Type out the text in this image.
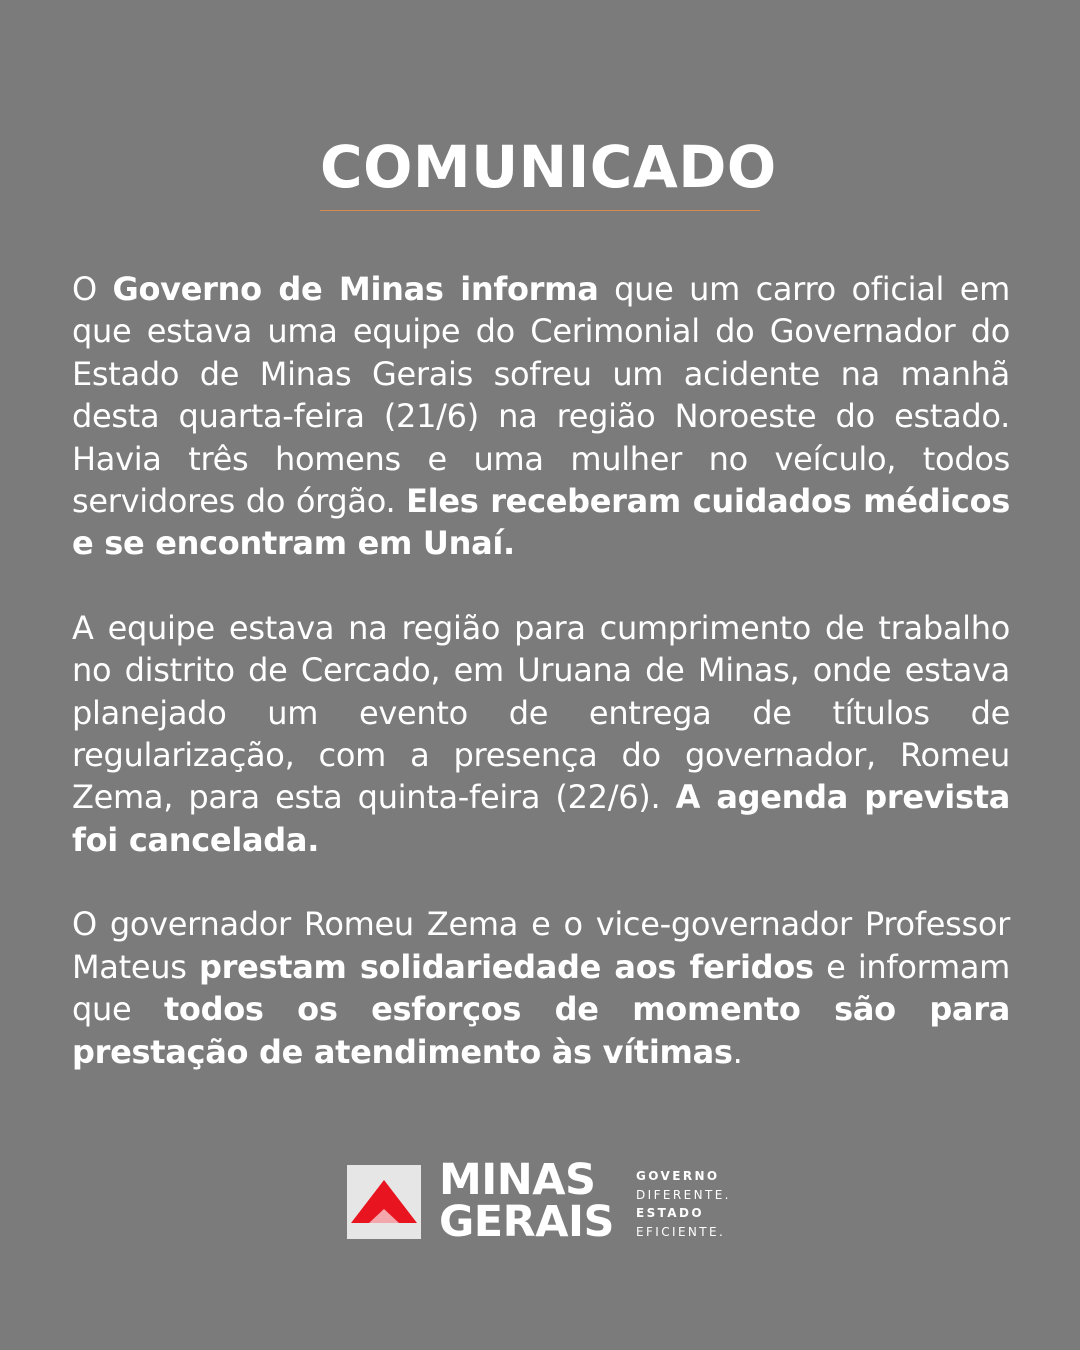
COMUNICADO

O Governo de Minas informa que um carro oficial em que estava uma equipe do Cerimonial do Governador do Estado de Minas Gerais sofreu um acidente na manhã desta quarta-feira (21/6) na região Noroeste do estado. Havia três homens e uma mulher no veículo, todos servidores do órgão. Eles receberam cuidados médicos e se encontram em Unaí.

A equipe estava na região para cumprimento de trabalho no distrito de Cercado, em Uruana de Minas, onde estava planejado um evento de entrega de títulos de regularização, com a presença do governador, Romeu Zema, para esta quinta-feira (22/6). A agenda prevista foi cancelada.

O governador Romeu Zema e o vice-governador Professor Mateus prestam solidariedade aos feridos e informam que todos os esforços de momento são para prestação de atendimento às vítimas.

MINAS
GERAIS
GOVERNO
DIFERENTE.
ESTADO
EFICIENTE.
